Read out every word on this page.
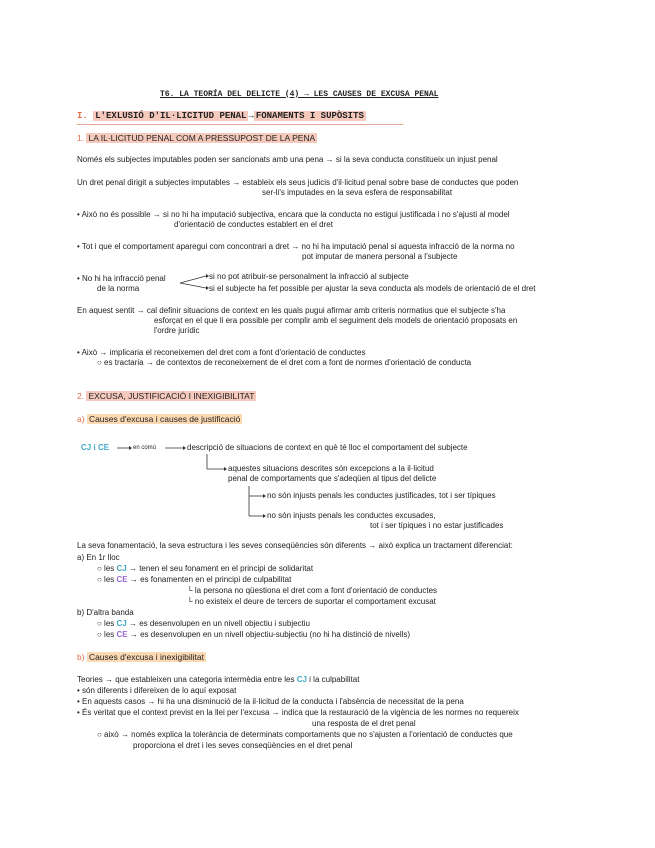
T6. LA TEORÍA DEL DELICTE (4) → LES CAUSES DE EXCUSA PENAL
I. L'EXLUSIÓ D'IL·LICITUD PENAL → FONAMENTS I SUPÒSITS
1. LA IL·LICITUD PENAL COM A PRESSUPOST DE LA PENA
Només els subjectes imputables poden ser sancionats amb una pena → si la seva conducta constitueix un injust penal
Un dret penal dirigit a subjectes imputables → estableix els seus judicis d'il·licitud penal sobre base de conductes que poden
ser-li's imputades en la seva esfera de responsabilitat
• Això no és possible → si no hi ha imputació subjectiva, encara que la conducta no estigui justificada i no s'ajusti al model
d'orientació de conductes establert en el dret
• Tot i que el comportament aparegui com concontrari a dret → no hi ha imputació penal si aquesta infracció de la norma no
pot imputar de manera personal a l'subjecte
• No hi ha infracció penal
de la norma
si no pot atribuir-se personalment la infracció al subjecte
si el subjecte ha fet possible per ajustar la seva conducta als models de orientació de el dret
En aquest sentit → cal definir situacions de context en les quals pugui afirmar amb criteris normatius que el subjecte s'ha
esforçat en el que li era possible per complir amb el seguiment dels models de orientació proposats en
l'ordre jurídic
• Això → implicaria el reconeixemen del dret com a font d'orientació de conductes
○ es tractaria → de contextos de reconeixement de el dret com a font de normes d'orientació de conducta
2. EXCUSA, JUSTIFICACIÓ I INEXIGIBILITAT
a) Causes d'excusa i causes de justificació
CJ i CE	en comú	descripció de situacions de context en què té lloc el comportament del subjecte
aquestes situacions descrites són excepcions a la il·licitud
penal de comportaments que s'adeqüen al tipus del delicte
no són injusts penals les conductes justificades, tot i ser típiques
no són injusts penals les conductes excusades,
tot i ser típiques i no estar justificades
La seva fonamentació, la seva estructura i les seves conseqüències són diferents → això explica un tractament diferenciat:
a) En 1r lloc
○ les CJ → tenen el seu fonament en el principi de solidaritat
○ les CE → es fonamenten en el principi de culpabilitat
└ la persona no qüestiona el dret com a font d'orientació de conductes
└ no existeix el deure de tercers de suportar el comportament excusat
b) D'altra banda
○ les CJ → es desenvolupen en un nivell objectiu i subjectiu
○ les CE → es desenvolupen en un nivell objectiu-subjectiu (no hi ha distinció de nivells)
b) Causes d'excusa i inexigibilitat
Teories → que estableixen una categoria intermèdia entre les CJ i la culpabilitat
• són diferents i difereixen de lo aquí exposat
• En aquests casos → hi ha una disminució de la il·licitud de la conducta i l'absència de necessitat de la pena
• És veritat que el context previst en la llei per l'excusa → indica que la restauració de la vigència de les normes no requereix
una resposta de el dret penal
○ això → només explica la tolerància de determinats comportaments que no s'ajusten a l'orientació de conductes que
proporciona el dret i les seves conseqüències en el dret penal
